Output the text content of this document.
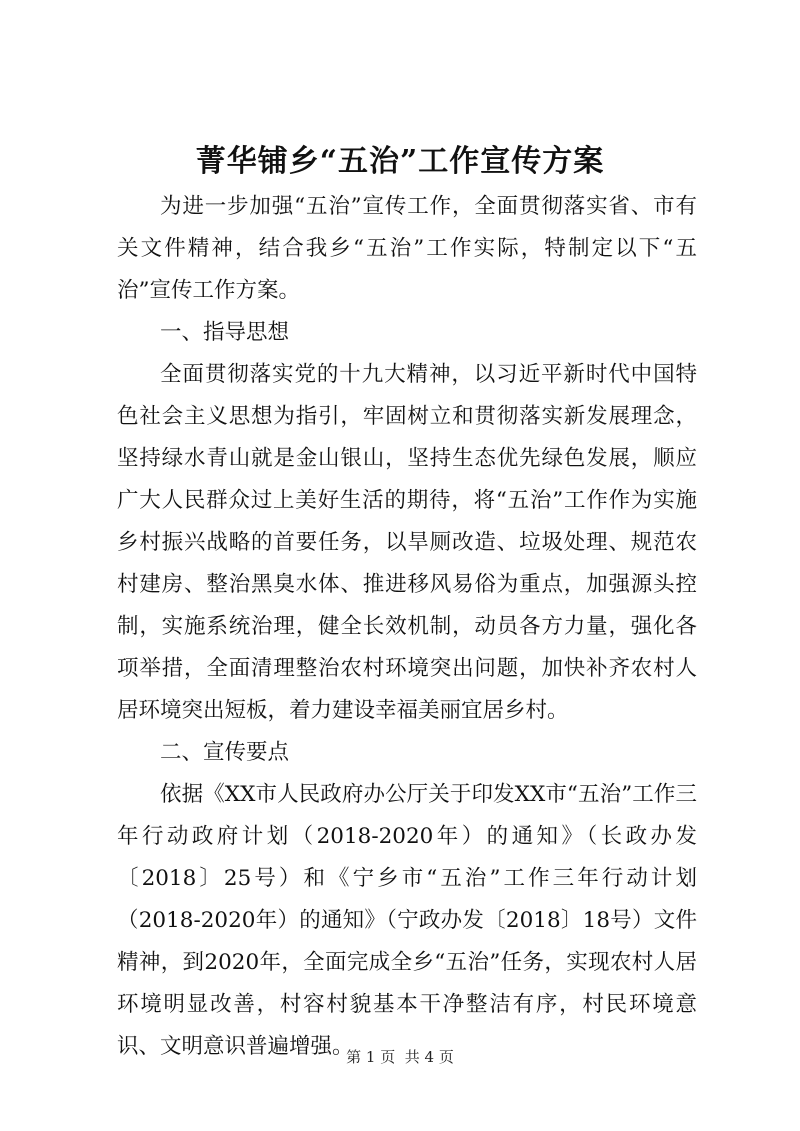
菁华铺乡“五治”工作宣传方案

为进一步加强“五治”宣传工作，全面贯彻落实省、市有关文件精神，结合我乡“五治”工作实际，特制定以下“五治”宣传工作方案。

一、指导思想

全面贯彻落实党的十九大精神，以习近平新时代中国特色社会主义思想为指引，牢固树立和贯彻落实新发展理念，坚持绿水青山就是金山银山，坚持生态优先绿色发展，顺应广大人民群众过上美好生活的期待，将“五治”工作作为实施乡村振兴战略的首要任务，以旱厕改造、垃圾处理、规范农村建房、整治黑臭水体、推进移风易俗为重点，加强源头控制，实施系统治理，健全长效机制，动员各方力量，强化各项举措，全面清理整治农村环境突出问题，加快补齐农村人居环境突出短板，着力建设幸福美丽宜居乡村。

二、宣传要点

依据《XX市人民政府办公厅关于印发XX市“五治”工作三年行动政府计划（2018-2020年）的通知》（长政办发〔2018〕25号）和《宁乡市“五治”工作三年行动计划（2018-2020年）的通知》（宁政办发〔2018〕18号）文件精神，到2020年，全面完成全乡“五治”任务，实现农村人居环境明显改善，村容村貌基本干净整洁有序，村民环境意识、文明意识普遍增强。

第 1 页  共 4 页
